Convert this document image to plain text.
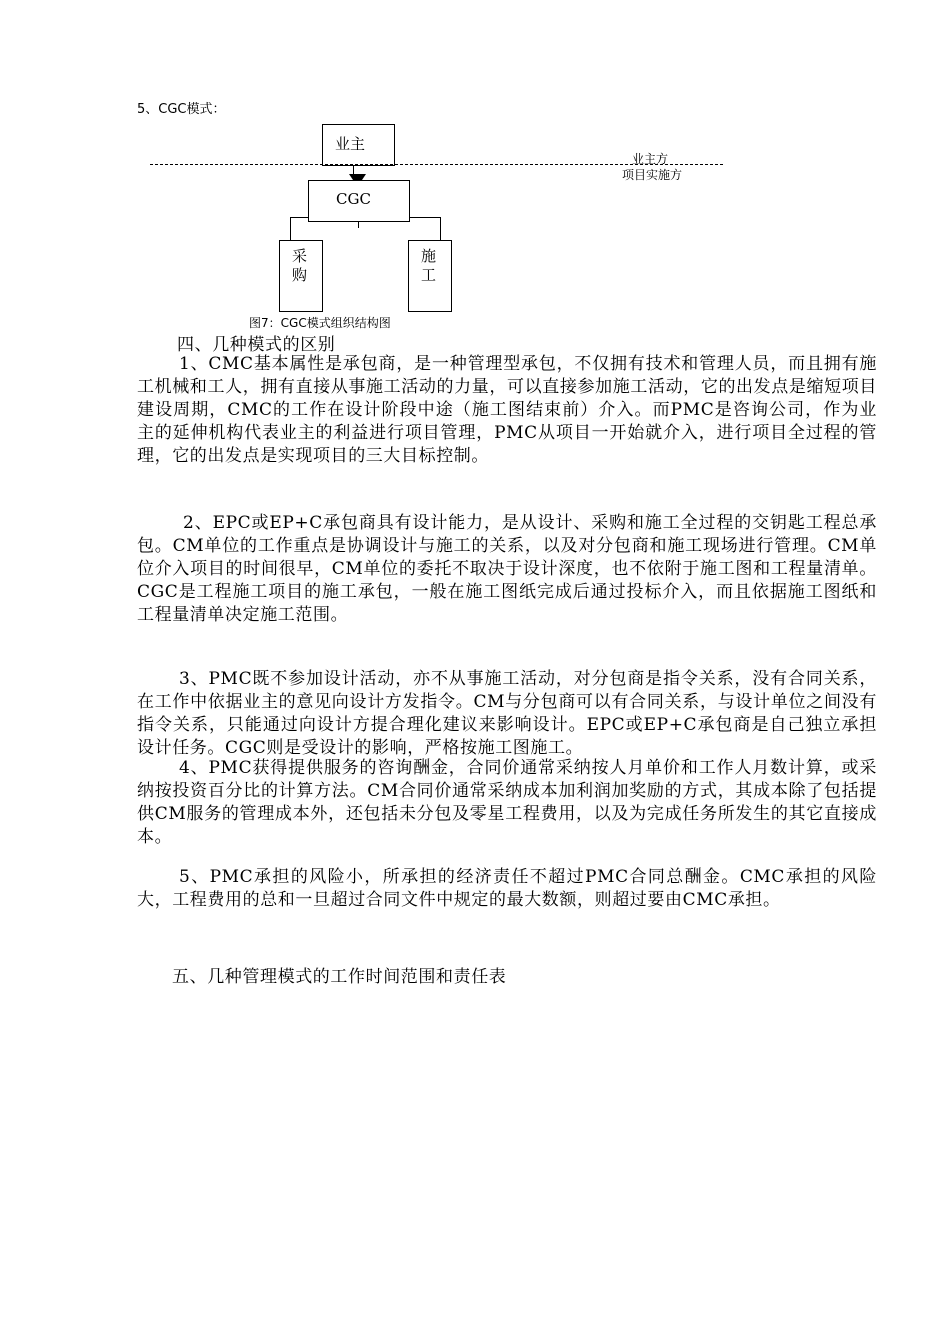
5、CGC模式：
业主
业主方
项目实施方
CGC
采购
施工
图7：CGC模式组织结构图
四、几种模式的区别
1、CMC基本属性是承包商，是一种管理型承包，不仅拥有技术和管理人员，而且拥有施工机械和工人，拥有直接从事施工活动的力量，可以直接参加施工活动，它的出发点是缩短项目建设周期，CMC的工作在设计阶段中途（施工图结束前）介入。而PMC是咨询公司，作为业主的延伸机构代表业主的利益进行项目管理，PMC从项目一开始就介入，进行项目全过程的管理，它的出发点是实现项目的三大目标控制。
2、EPC或EP+C承包商具有设计能力，是从设计、采购和施工全过程的交钥匙工程总承包。CM单位的工作重点是协调设计与施工的关系，以及对分包商和施工现场进行管理。CM单位介入项目的时间很早，CM单位的委托不取决于设计深度，也不依附于施工图和工程量清单。CGC是工程施工项目的施工承包，一般在施工图纸完成后通过投标介入，而且依据施工图纸和工程量清单决定施工范围。
3、PMC既不参加设计活动，亦不从事施工活动，对分包商是指令关系，没有合同关系，在工作中依据业主的意见向设计方发指令。CM与分包商可以有合同关系，与设计单位之间没有指令关系，只能通过向设计方提合理化建议来影响设计。EPC或EP+C承包商是自己独立承担设计任务。CGC则是受设计的影响，严格按施工图施工。
4、PMC获得提供服务的咨询酬金，合同价通常采纳按人月单价和工作人月数计算，或采纳按投资百分比的计算方法。CM合同价通常采纳成本加利润加奖励的方式，其成本除了包括提供CM服务的管理成本外，还包括未分包及零星工程费用，以及为完成任务所发生的其它直接成本。
5、PMC承担的风险小，所承担的经济责任不超过PMC合同总酬金。CMC承担的风险大，工程费用的总和一旦超过合同文件中规定的最大数额，则超过要由CMC承担。
五、几种管理模式的工作时间范围和责任表
